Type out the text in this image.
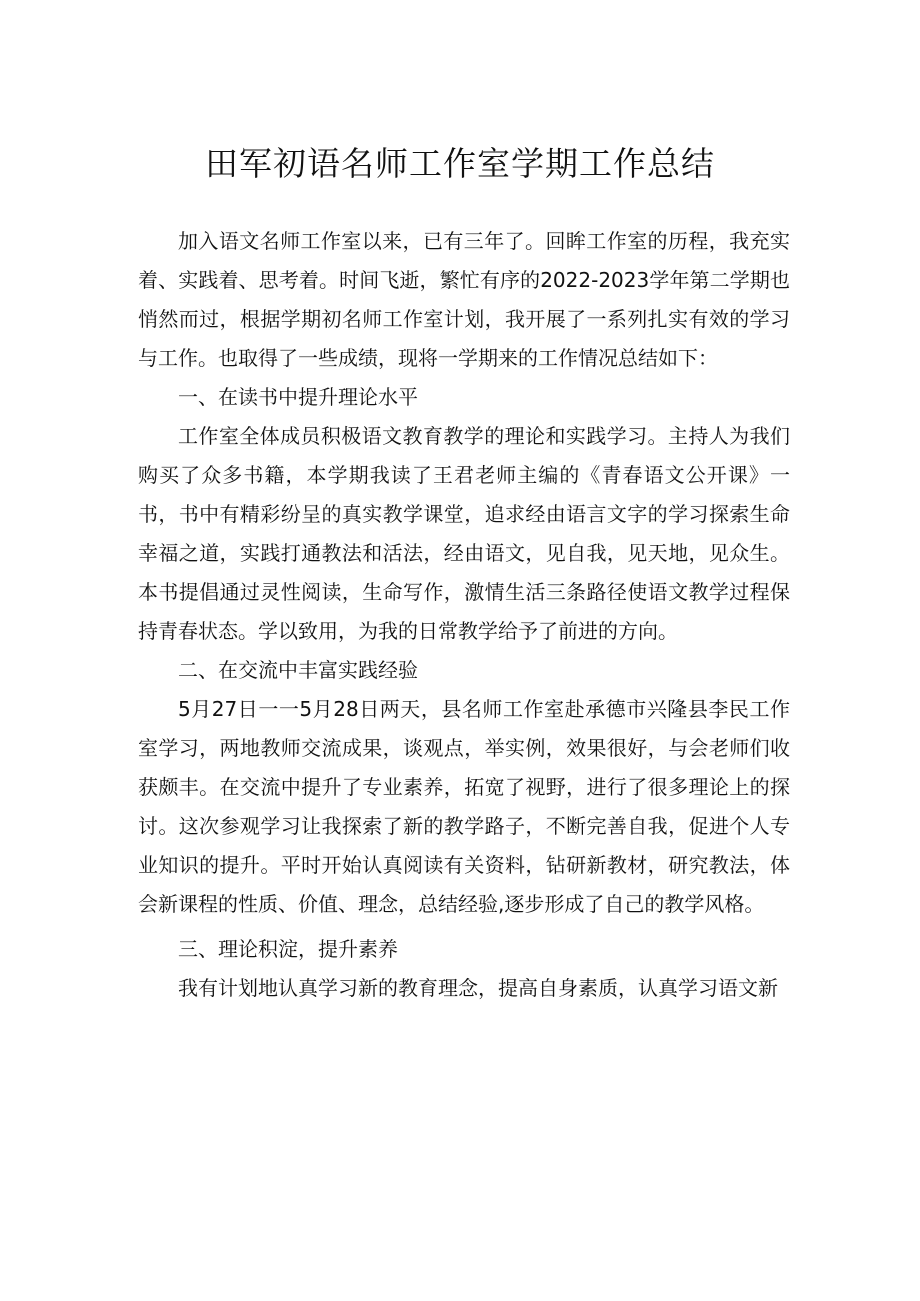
田军初语名师工作室学期工作总结

加入语文名师工作室以来，已有三年了。回眸工作室的历程，我充实着、实践着、思考着。时间飞逝，繁忙有序的2022-2023学年第二学期也悄然而过，根据学期初名师工作室计划，我开展了一系列扎实有效的学习与工作。也取得了一些成绩，现将一学期来的工作情况总结如下：

一、在读书中提升理论水平

工作室全体成员积极语文教育教学的理论和实践学习。主持人为我们购买了众多书籍，本学期我读了王君老师主编的《青春语文公开课》一书，书中有精彩纷呈的真实教学课堂，追求经由语言文字的学习探索生命幸福之道，实践打通教法和活法，经由语文，见自我，见天地，见众生。本书提倡通过灵性阅读，生命写作，激情生活三条路径使语文教学过程保持青春状态。学以致用，为我的日常教学给予了前进的方向。

二、在交流中丰富实践经验

5月27日一一5月28日两天，县名师工作室赴承德市兴隆县李民工作室学习，两地教师交流成果，谈观点，举实例，效果很好，与会老师们收获颇丰。在交流中提升了专业素养，拓宽了视野，进行了很多理论上的探讨。这次参观学习让我探索了新的教学路子，不断完善自我，促进个人专业知识的提升。平时开始认真阅读有关资料，钻研新教材，研究教法，体会新课程的性质、价值、理念，总结经验,逐步形成了自己的教学风格。

三、理论积淀，提升素养

我有计划地认真学习新的教育理念，提高自身素质，认真学习语文新
